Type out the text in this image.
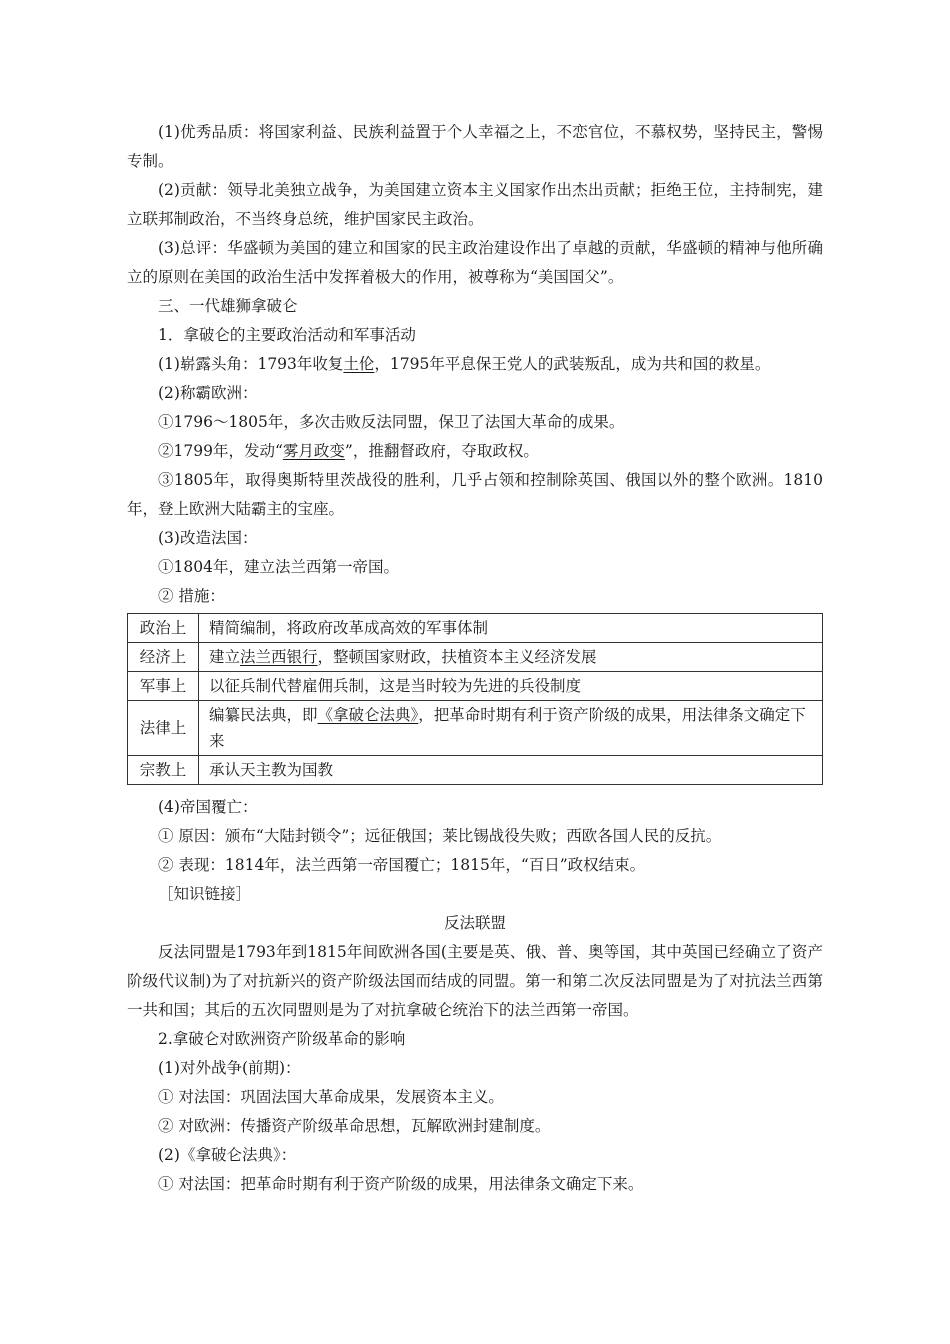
(1)优秀品质：将国家利益、民族利益置于个人幸福之上，不恋官位，不慕权势，坚持民主，警惕专制。

(2)贡献：领导北美独立战争，为美国建立资本主义国家作出杰出贡献；拒绝王位，主持制宪，建立联邦制政治，不当终身总统，维护国家民主政治。

(3)总评：华盛顿为美国的建立和国家的民主政治建设作出了卓越的贡献，华盛顿的精神与他所确立的原则在美国的政治生活中发挥着极大的作用，被尊称为“美国国父”。

三、一代雄狮拿破仑

1．拿破仑的主要政治活动和军事活动

(1)崭露头角：1793年收复土伦，1795年平息保王党人的武装叛乱，成为共和国的救星。

(2)称霸欧洲：

①1796～1805年，多次击败反法同盟，保卫了法国大革命的成果。

②1799年，发动“雾月政变”，推翻督政府，夺取政权。

③1805年，取得奥斯特里茨战役的胜利，几乎占领和控制除英国、俄国以外的整个欧洲。1810年，登上欧洲大陆霸主的宝座。

(3)改造法国：

①1804年，建立法兰西第一帝国。

② 措施：

政治上	精简编制，将政府改革成高效的军事体制
经济上	建立法兰西银行，整顿国家财政，扶植资本主义经济发展
军事上	以征兵制代替雇佣兵制，这是当时较为先进的兵役制度
法律上	编纂民法典，即《拿破仑法典》，把革命时期有利于资产阶级的成果，用法律条文确定下来
宗教上	承认天主教为国教

(4)帝国覆亡：

① 原因：颁布“大陆封锁令”；远征俄国；莱比锡战役失败；西欧各国人民的反抗。

② 表现：1814年，法兰西第一帝国覆亡；1815年，“百日”政权结束。

［知识链接］

反法联盟

反法同盟是1793年到1815年间欧洲各国(主要是英、俄、普、奥等国，其中英国已经确立了资产阶级代议制)为了对抗新兴的资产阶级法国而结成的同盟。第一和第二次反法同盟是为了对抗法兰西第一共和国；其后的五次同盟则是为了对抗拿破仑统治下的法兰西第一帝国。

2.拿破仑对欧洲资产阶级革命的影响

(1)对外战争(前期)：

① 对法国：巩固法国大革命成果，发展资本主义。

② 对欧洲：传播资产阶级革命思想，瓦解欧洲封建制度。

(2)《拿破仑法典》：

① 对法国：把革命时期有利于资产阶级的成果，用法律条文确定下来。
